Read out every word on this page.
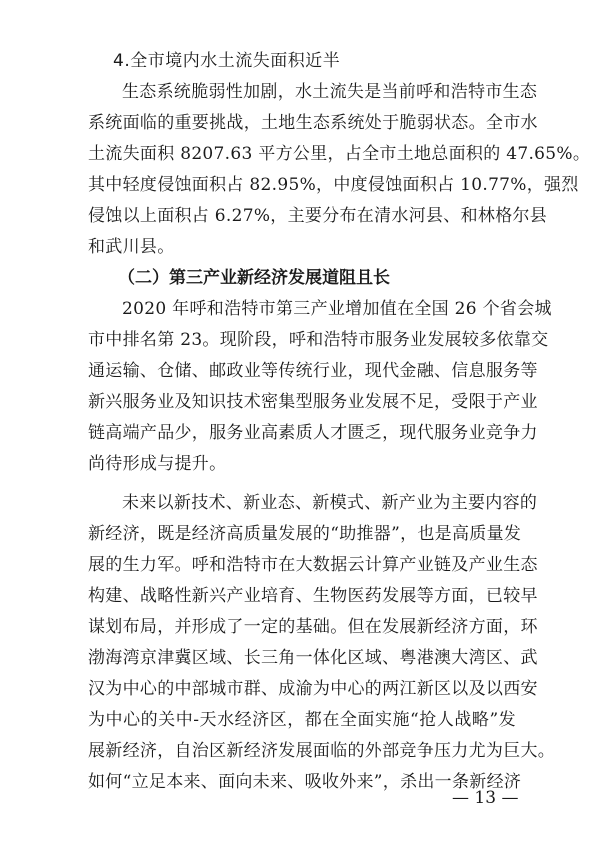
4.全市境内水土流失面积近半
生态系统脆弱性加剧，水土流失是当前呼和浩特市生态
系统面临的重要挑战，土地生态系统处于脆弱状态。全市水
土流失面积 8207.63 平方公里，占全市土地总面积的 47.65%。
其中轻度侵蚀面积占 82.95%，中度侵蚀面积占 10.77%，强烈
侵蚀以上面积占 6.27%，主要分布在清水河县、和林格尔县
和武川县。
（二）第三产业新经济发展道阻且长
2020 年呼和浩特市第三产业增加值在全国 26 个省会城
市中排名第 23。现阶段，呼和浩特市服务业发展较多依靠交
通运输、仓储、邮政业等传统行业，现代金融、信息服务等
新兴服务业及知识技术密集型服务业发展不足，受限于产业
链高端产品少，服务业高素质人才匮乏，现代服务业竞争力
尚待形成与提升。
未来以新技术、新业态、新模式、新产业为主要内容的
新经济，既是经济高质量发展的“助推器”，也是高质量发
展的生力军。呼和浩特市在大数据云计算产业链及产业生态
构建、战略性新兴产业培育、生物医药发展等方面，已较早
谋划布局，并形成了一定的基础。但在发展新经济方面，环
渤海湾京津冀区域、长三角一体化区域、粤港澳大湾区、武
汉为中心的中部城市群、成渝为中心的两江新区以及以西安
为中心的关中-天水经济区，都在全面实施“抢人战略”发
展新经济，自治区新经济发展面临的外部竞争压力尤为巨大。
如何“立足本来、面向未来、吸收外来”，杀出一条新经济
— 13 —
